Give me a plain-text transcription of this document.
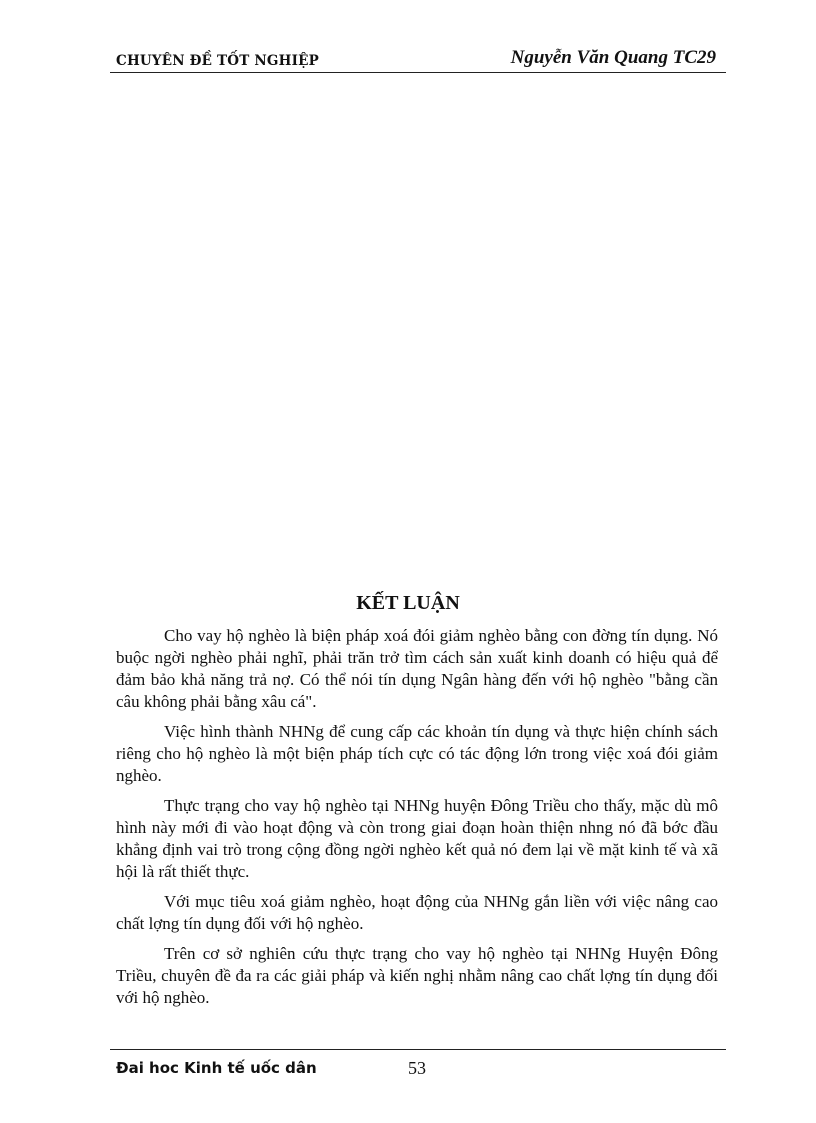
CHUYÊN ĐỀ TỐT NGHIỆP	Nguyễn Văn Quang TC29
KẾT LUẬN

Cho vay hộ nghèo là biện pháp xoá đói giảm nghèo bằng con đờng tín dụng. Nó buộc ngời nghèo phải nghĩ, phải trăn trở tìm cách sản xuất kinh doanh có hiệu quả để đảm bảo khả năng trả nợ. Có thể nói tín dụng Ngân hàng đến với hộ nghèo "bằng cần câu không phải bằng xâu cá".

Việc hình thành NHNg để cung cấp các khoản tín dụng và thực hiện chính sách riêng cho hộ nghèo là một biện pháp tích cực có tác động lớn trong việc xoá đói giảm nghèo.

Thực trạng cho vay hộ nghèo tại NHNg huyện Đông Triều cho thấy, mặc dù mô hình này mới đi vào hoạt động và còn trong giai đoạn hoàn thiện nhng nó đã bớc đầu khẳng định vai trò trong cộng đồng ngời nghèo kết quả nó đem lại về mặt kinh tế và xã hội là rất thiết thực.

Với mục tiêu xoá giảm nghèo, hoạt động của NHNg gắn liền với việc nâng cao chất lợng tín dụng đối với hộ nghèo.

Trên cơ sở nghiên cứu thực trạng cho vay hộ nghèo tại NHNg Huyện Đông Triều, chuyên đề đa ra các giải pháp và kiến nghị nhằm nâng cao chất lợng tín dụng đối với hộ nghèo.

Đai hoc Kinh tế uốc dân	53
